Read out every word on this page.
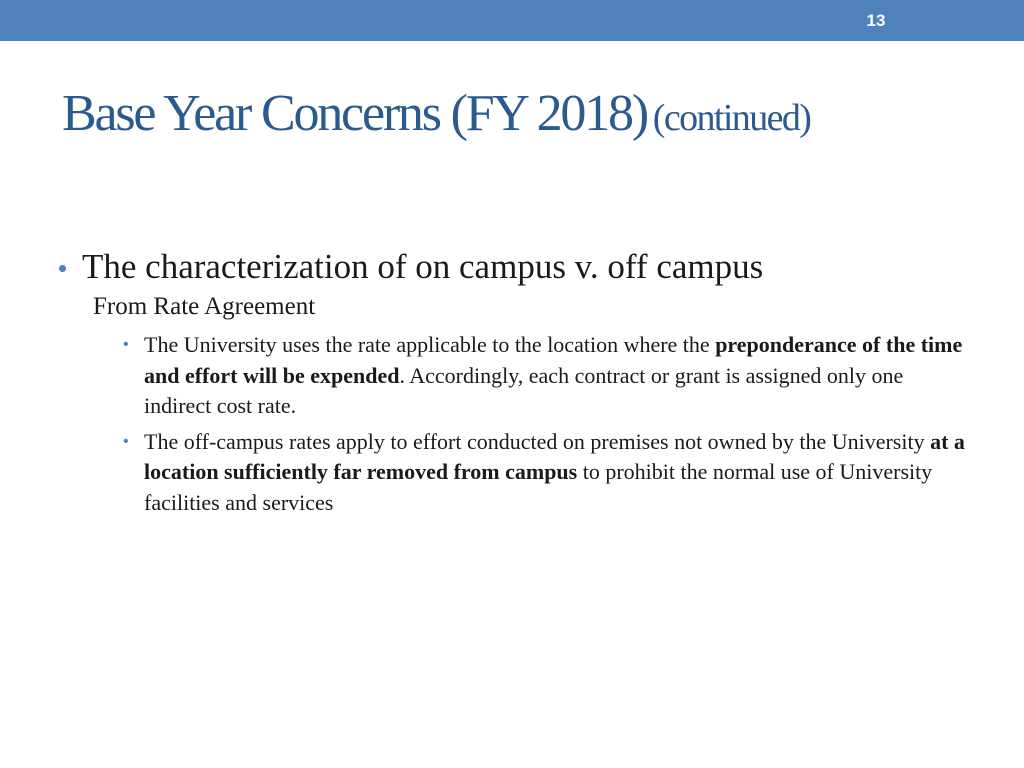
13
Base Year Concerns (FY 2018) (continued)
• The characterization of on campus v. off campus
From Rate Agreement
• The University uses the rate applicable to the location where the preponderance of the time and effort will be expended. Accordingly, each contract or grant is assigned only one indirect cost rate.
• The off-campus rates apply to effort conducted on premises not owned by the University at a location sufficiently far removed from campus to prohibit the normal use of University facilities and services
